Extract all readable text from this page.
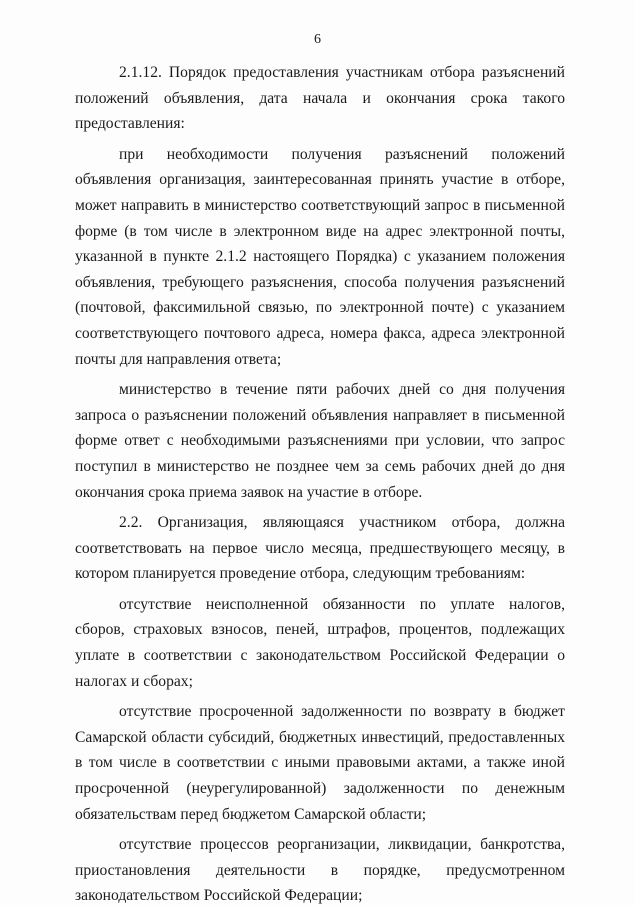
6

2.1.12. Порядок предоставления участникам отбора разъяснений положений объявления, дата начала и окончания срока такого предоставления:

при необходимости получения разъяснений положений объявления организация, заинтересованная принять участие в отборе, может направить в министерство соответствующий запрос в письменной форме (в том числе в электронном виде на адрес электронной почты, указанной в пункте 2.1.2 настоящего Порядка) с указанием положения объявления, требующего разъяснения, способа получения разъяснений (почтовой, факсимильной связью, по электронной почте) с указанием соответствующего почтового адреса, номера факса, адреса электронной почты для направления ответа;

министерство в течение пяти рабочих дней со дня получения запроса о разъяснении положений объявления направляет в письменной форме ответ с необходимыми разъяснениями при условии, что запрос поступил в министерство не позднее чем за семь рабочих дней до дня окончания срока приема заявок на участие в отборе.

2.2. Организация, являющаяся участником отбора, должна соответствовать на первое число месяца, предшествующего месяцу, в котором планируется проведение отбора, следующим требованиям:

отсутствие неисполненной обязанности по уплате налогов, сборов, страховых взносов, пеней, штрафов, процентов, подлежащих уплате в соответствии с законодательством Российской Федерации о налогах и сборах;

отсутствие просроченной задолженности по возврату в бюджет Самарской области субсидий, бюджетных инвестиций, предоставленных в том числе в соответствии с иными правовыми актами, а также иной просроченной (неурегулированной) задолженности по денежным обязательствам перед бюджетом Самарской области;

отсутствие процессов реорганизации, ликвидации, банкротства, приостановления деятельности в порядке, предусмотренном законодательством Российской Федерации;
